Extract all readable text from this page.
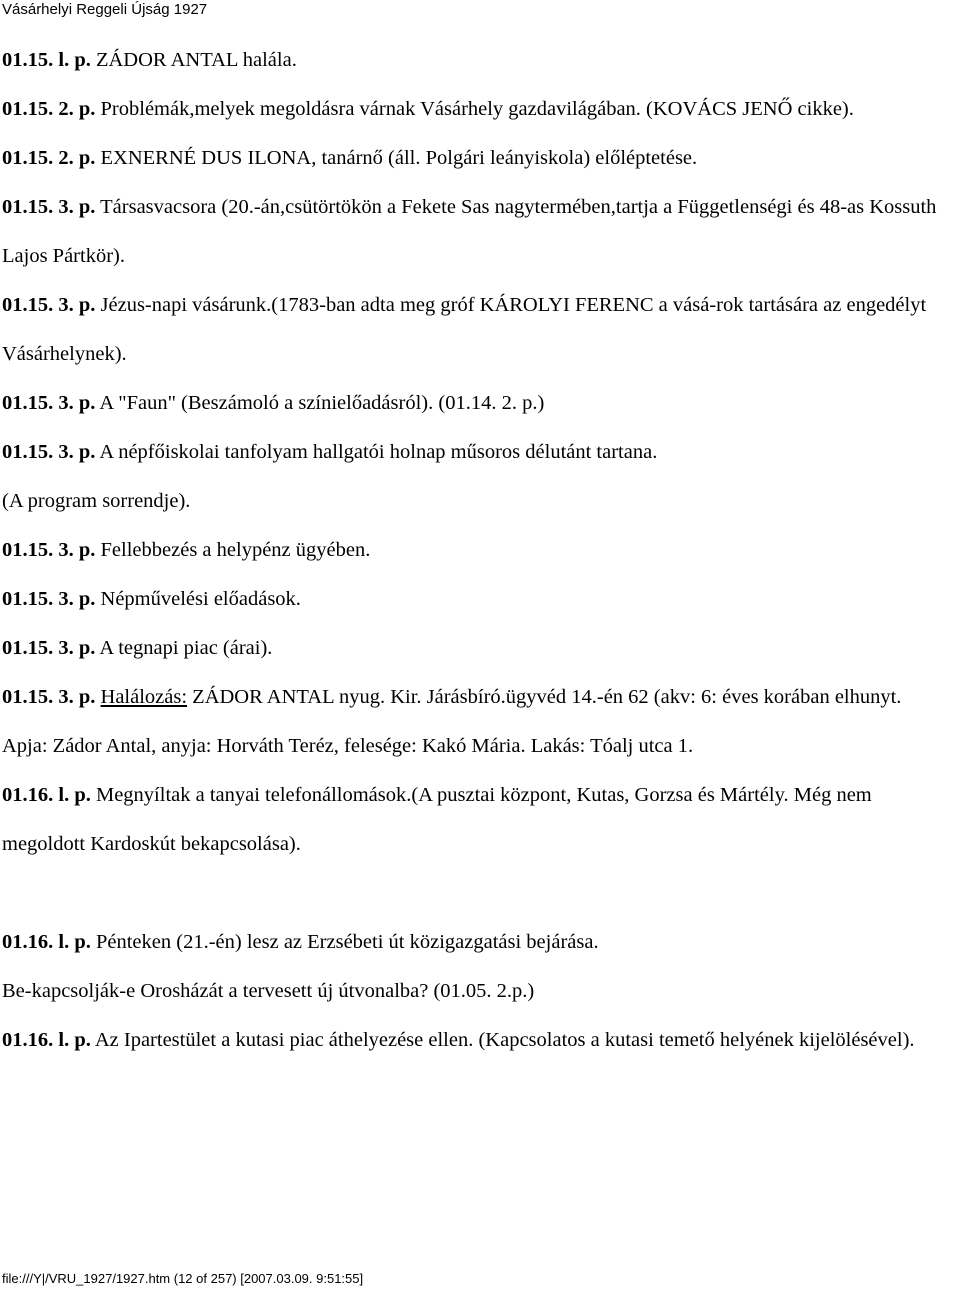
Vásárhelyi Reggeli Újság 1927

01.15. l. p. ZÁDOR ANTAL halála.

01.15. 2. p. Problémák,melyek megoldásra várnak Vásárhely gazdavilágában. (KOVÁCS JENŐ cikke).

01.15. 2. p. EXNERNÉ DUS ILONA, tanárnő (áll. Polgári leányiskola) előléptetése.

01.15. 3. p. Társasvacsora (20.-án,csütörtökön a Fekete Sas nagytermében,tartja a Függetlenségi és 48-as Kossuth Lajos Pártkör).

01.15. 3. p. Jézus-napi vásárunk.(1783-ban adta meg gróf KÁROLYI FERENC a vásá-rok tartására az engedélyt Vásárhelynek).

01.15. 3. p. A "Faun" (Beszámoló a színielőadásról). (01.14. 2. p.)

01.15. 3. p. A népfőiskolai tanfolyam hallgatói holnap műsoros délutánt tartana.

(A program sorrendje).

01.15. 3. p. Fellebbezés a helypénz ügyében.

01.15. 3. p. Népművelési előadások.

01.15. 3. p. A tegnapi piac (árai).

01.15. 3. p. Halálozás: ZÁDOR ANTAL nyug. Kir. Járásbíró.ügyvéd 14.-én 62 (akv: 6: éves korában elhunyt.

Apja: Zádor Antal, anyja: Horváth Teréz, felesége: Kakó Mária. Lakás: Tóalj utca 1.

01.16. l. p. Megnyíltak a tanyai telefonállomások.(A pusztai központ, Kutas, Gorzsa és Mártély. Még nem megoldott Kardoskút bekapcsolása).

01.16. l. p. Pénteken (21.-én) lesz az Erzsébeti út közigazgatási bejárása.

Be-kapcsolják-e Orosházát a tervesett új útvonalba? (01.05. 2.p.)

01.16. l. p. Az Ipartestület a kutasi piac áthelyezése ellen. (Kapcsolatos a kutasi temető helyének kijelölésével).

file:///Y|/VRU_1927/1927.htm (12 of 257) [2007.03.09. 9:51:55]
